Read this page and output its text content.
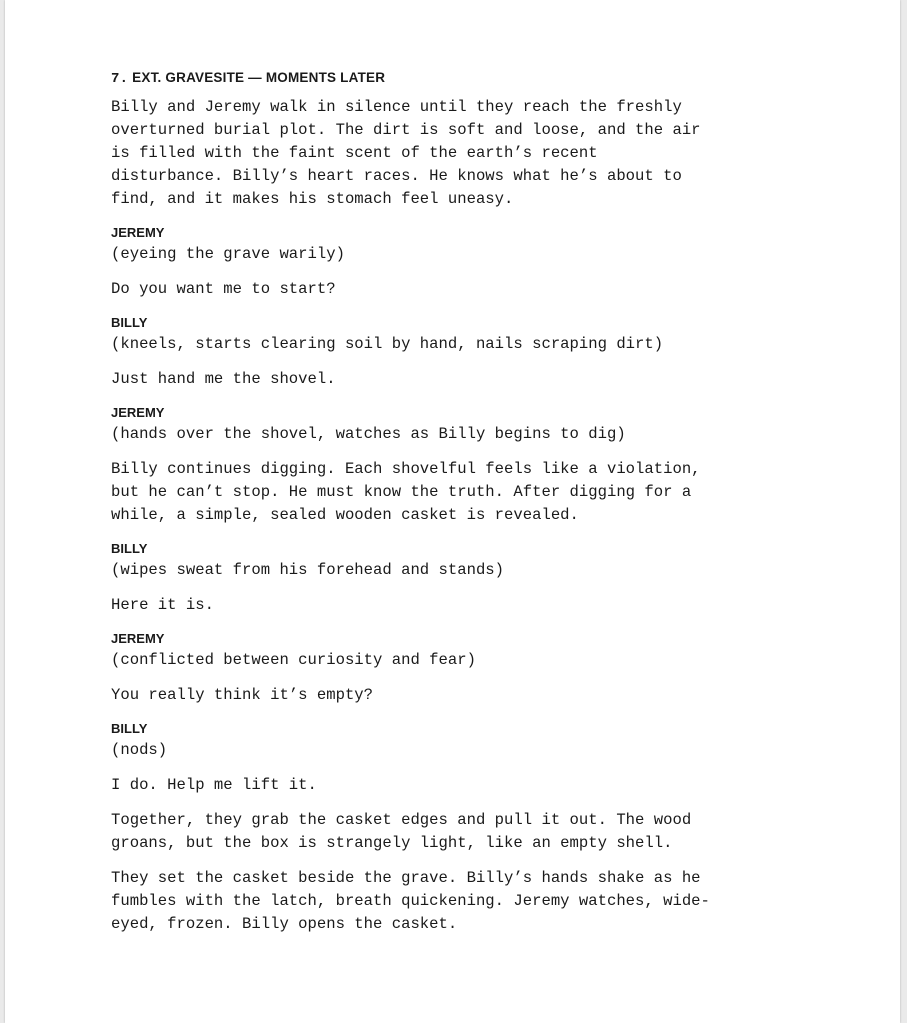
7. EXT. GRAVESITE — MOMENTS LATER
Billy and Jeremy walk in silence until they reach the freshly
overturned burial plot. The dirt is soft and loose, and the air
is filled with the faint scent of the earth’s recent
disturbance. Billy’s heart races. He knows what he’s about to
find, and it makes his stomach feel uneasy.
JEREMY
(eyeing the grave warily)
Do you want me to start?
BILLY
(kneels, starts clearing soil by hand, nails scraping dirt)
Just hand me the shovel.
JEREMY
(hands over the shovel, watches as Billy begins to dig)
Billy continues digging. Each shovelful feels like a violation,
but he can’t stop. He must know the truth. After digging for a
while, a simple, sealed wooden casket is revealed.
BILLY
(wipes sweat from his forehead and stands)
Here it is.
JEREMY
(conflicted between curiosity and fear)
You really think it’s empty?
BILLY
(nods)
I do. Help me lift it.
Together, they grab the casket edges and pull it out. The wood
groans, but the box is strangely light, like an empty shell.
They set the casket beside the grave. Billy’s hands shake as he
fumbles with the latch, breath quickening. Jeremy watches, wide-
eyed, frozen. Billy opens the casket.
